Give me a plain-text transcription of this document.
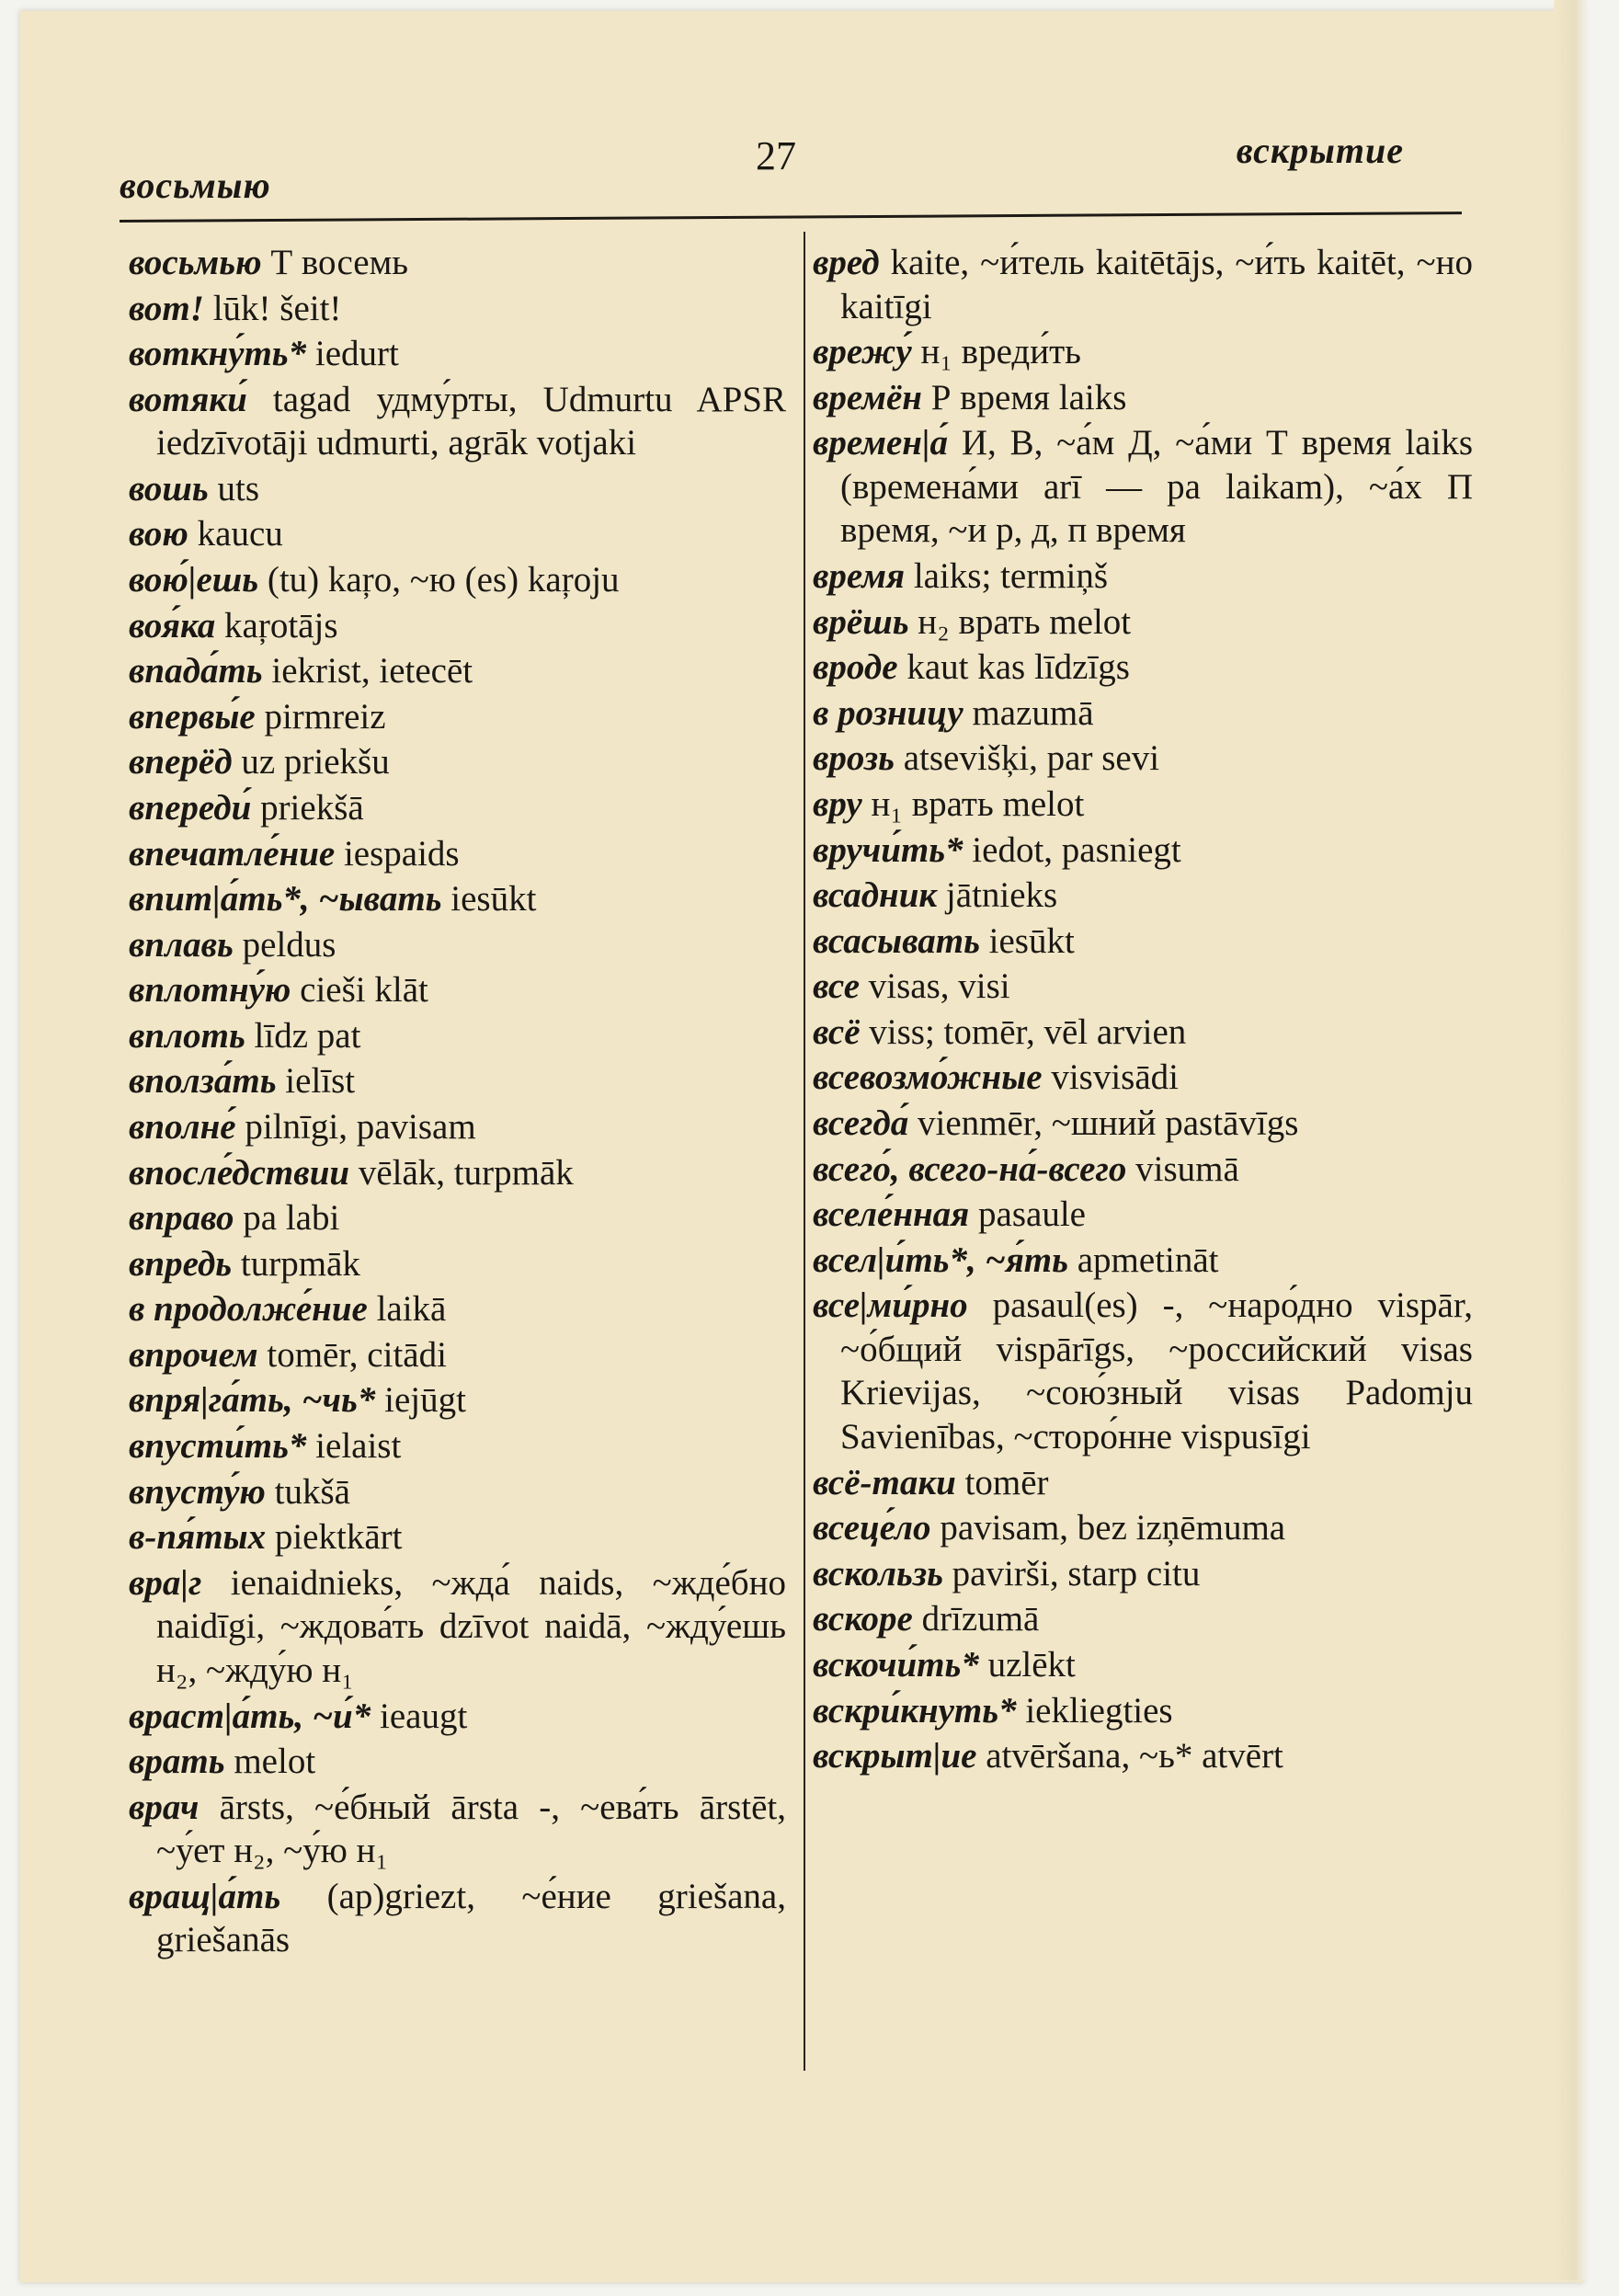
восьмыю
27	вскрытие
восьмью Т восемь
вот! lūk! šeit!
воткну́ть* iedurt
вотяки́ tagad удму́рты, Udmurtu APSR iedzīvotāji udmurti, agrāk votjaki
вошь uts
вою kaucu
вою́|ешь (tu) kaŗo, ~ю (es) kaŗoju
воя́ка kaŗotājs
впада́ть iekrist, ietecēt
впервы́е pirmreiz
вперёд uz priekšu
впереди́ priekšā
впечатле́ние iespaids
впит|а́ть*, ~ывать iesūkt
вплавь peldus
вплотну́ю cieši klāt
вплоть līdz pat
вполза́ть ielīst
вполне́ pilnīgi, pavisam
впосле́дствии vēlāk, turpmāk
вправо pa labi
впредь turpmāk
в продолже́ние laikā
впрочем tomēr, citādi
впря|га́ть, ~чь* iejūgt
впусти́ть* ielaist
впусту́ю tukšā
в-пя́тых piektkārt
вра|г ienaidnieks, ~жда́ naids, ~жде́бно naidīgi, ~ждова́ть dzīvot naidā, ~жду́ешь н₂, ~жду́ю н₁
враст|а́ть, ~и́* ieaugt
врать melot
врач ārsts, ~е́бный ārsta -, ~ева́ть ārstēt, ~у́ет н₂, ~у́ю н₁
вращ|а́ть (ap)griezt, ~е́ние griešana, griešanās
вред kaite, ~и́тель kaitētājs, ~и́ть kaitēt, ~но kaitīgi
врежу́ н₁ вреди́ть
времён Р время laiks
времен|а́ И, В, ~а́м Д, ~а́ми Т время laiks (времена́ми arī — pa laikam), ~а́х П время, ~и р, д, п время
время laiks; termiņš
врёшь н₂ врать melot
вроде kaut kas līdzīgs
в розницу mazumā
врозь atsevišķi, par sevi
вру н₁ врать melot
вручи́ть* iedot, pasniegt
всадник jātnieks
всасывать iesūkt
все visas, visi
всё viss; tomēr, vēl arvien
всевозмо́жные visvisādi
всегда́ vienmēr, ~шний pastāvīgs
всего́, всего-на́-всего visumā
вселе́нная pasaule
всел|и́ть*, ~я́ть apmetināt
все|ми́рно pasaul(es) -, ~наро́дно vispār, ~о́бщий vispārīgs, ~российский visas Krievijas, ~сою́зный visas Padomju Savienības, ~сторо́нне vispusīgi
всё-таки tomēr
всеце́ло pavisam, bez izņēmuma
вскользь pavirši, starp citu
вскоре drīzumā
вскочи́ть* uzlēkt
вскри́кнуть* iekliegties
вскрыт|ие atvēršana, ~ь* atvērt
